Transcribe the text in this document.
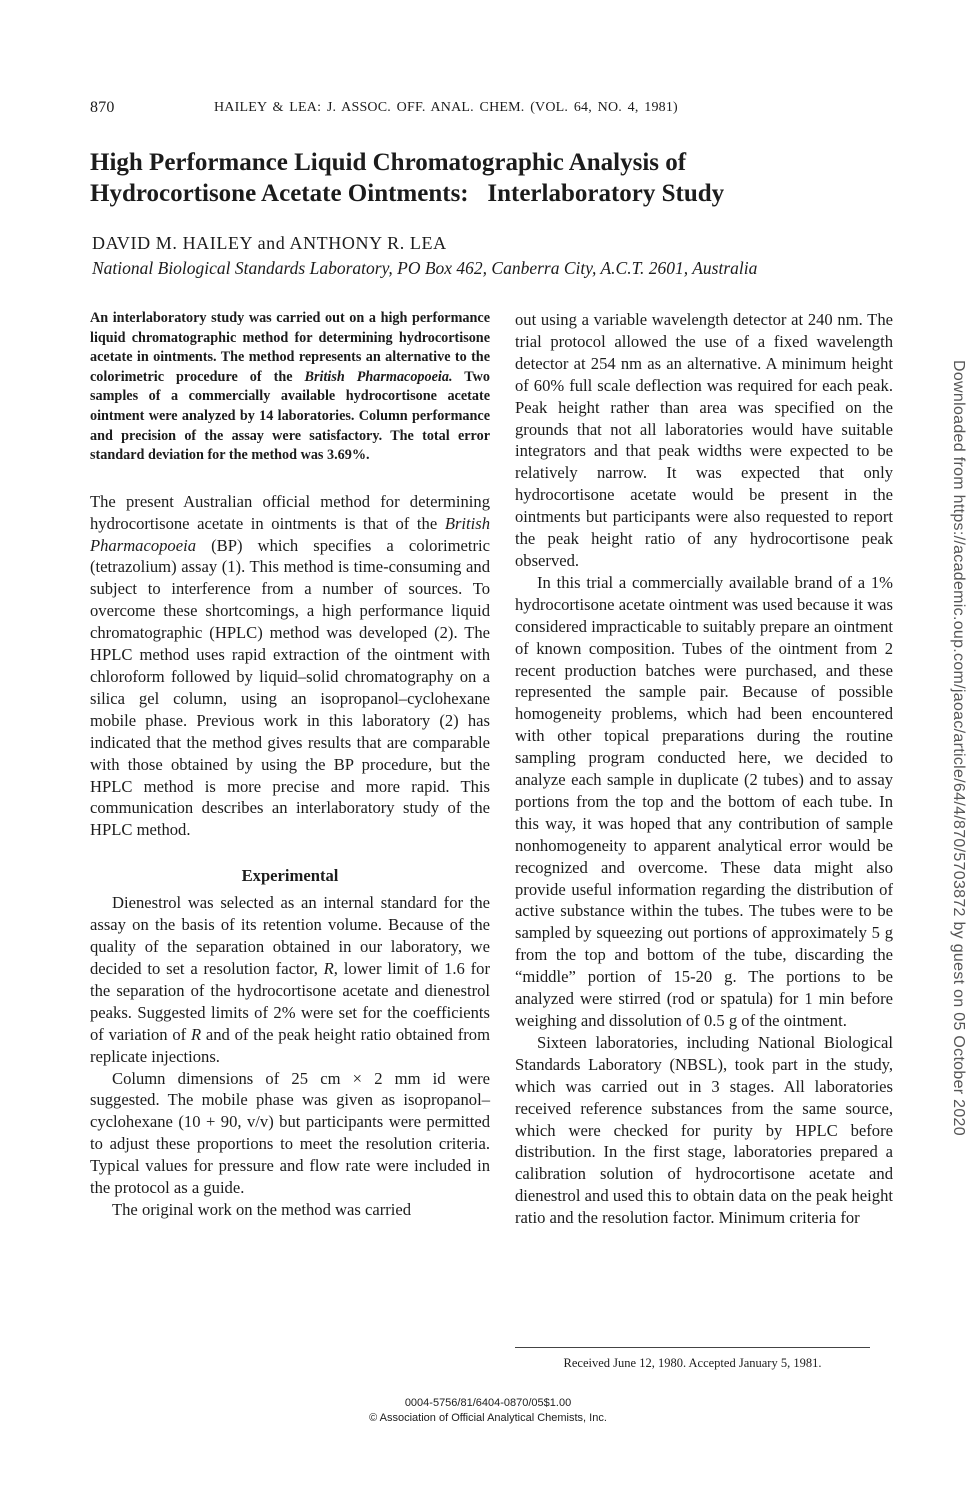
870	HAILEY & LEA: J. ASSOC. OFF. ANAL. CHEM. (VOL. 64, NO. 4, 1981)
High Performance Liquid Chromatographic Analysis of
Hydrocortisone Acetate Ointments:   Interlaboratory Study
DAVID M. HAILEY and ANTHONY R. LEA
National Biological Standards Laboratory, PO Box 462, Canberra City, A.C.T. 2601, Australia

An interlaboratory study was carried out on a high performance liquid chromatographic method for determining hydrocortisone acetate in ointments. The method represents an alternative to the colorimetric procedure of the British Pharmacopoeia. Two samples of a commercially available hydrocortisone acetate ointment were analyzed by 14 laboratories. Column performance and precision of the assay were satisfactory. The total error standard deviation for the method was 3.69%.

The present Australian official method for determining hydrocortisone acetate in ointments is that of the British Pharmacopoeia (BP) which specifies a colorimetric (tetrazolium) assay (1). This method is time-consuming and subject to interference from a number of sources. To overcome these shortcomings, a high performance liquid chromatographic (HPLC) method was developed (2). The HPLC method uses rapid extraction of the ointment with chloroform followed by liquid–solid chromatography on a silica gel column, using an isopropanol–cyclohexane mobile phase. Previous work in this laboratory (2) has indicated that the method gives results that are comparable with those obtained by using the BP procedure, but the HPLC method is more precise and more rapid. This communication describes an interlaboratory study of the HPLC method.

Experimental

Dienestrol was selected as an internal standard for the assay on the basis of its retention volume. Because of the quality of the separation obtained in our laboratory, we decided to set a resolution factor, R, lower limit of 1.6 for the separation of the hydrocortisone acetate and dienestrol peaks. Suggested limits of 2% were set for the coefficients of variation of R and of the peak height ratio obtained from replicate injections.

Column dimensions of 25 cm × 2 mm id were suggested. The mobile phase was given as isopropanol–cyclohexane (10 + 90, v/v) but participants were permitted to adjust these proportions to meet the resolution criteria. Typical values for pressure and flow rate were included in the protocol as a guide.

The original work on the method was carried

out using a variable wavelength detector at 240 nm. The trial protocol allowed the use of a fixed wavelength detector at 254 nm as an alternative. A minimum height of 60% full scale deflection was required for each peak. Peak height rather than area was specified on the grounds that not all laboratories would have suitable integrators and that peak widths were expected to be relatively narrow. It was expected that only hydrocortisone acetate would be present in the ointments but participants were also requested to report the peak height ratio of any hydrocortisone peak observed.

In this trial a commercially available brand of a 1% hydrocortisone acetate ointment was used because it was considered impracticable to suitably prepare an ointment of known composition. Tubes of the ointment from 2 recent production batches were purchased, and these represented the sample pair. Because of possible homogeneity problems, which had been encountered with other topical preparations during the routine sampling program conducted here, we decided to analyze each sample in duplicate (2 tubes) and to assay portions from the top and the bottom of each tube. In this way, it was hoped that any contribution of sample nonhomogeneity to apparent analytical error would be recognized and overcome. These data might also provide useful information regarding the distribution of active substance within the tubes. The tubes were to be sampled by squeezing out portions of approximately 5 g from the top and bottom of the tube, discarding the “middle” portion of 15-20 g. The portions to be analyzed were stirred (rod or spatula) for 1 min before weighing and dissolution of 0.5 g of the ointment.

Sixteen laboratories, including National Biological Standards Laboratory (NBSL), took part in the study, which was carried out in 3 stages. All laboratories received reference substances from the same source, which were checked for purity by HPLC before distribution. In the first stage, laboratories prepared a calibration solution of hydrocortisone acetate and dienestrol and used this to obtain data on the peak height ratio and the resolution factor. Minimum criteria for

Received June 12, 1980. Accepted January 5, 1981.
0004-5756/81/6404-0870/05$1.00
© Association of Official Analytical Chemists, Inc.
Downloaded from https://academic.oup.com/jaoac/article/64/4/870/5703872 by guest on 05 October 2020
